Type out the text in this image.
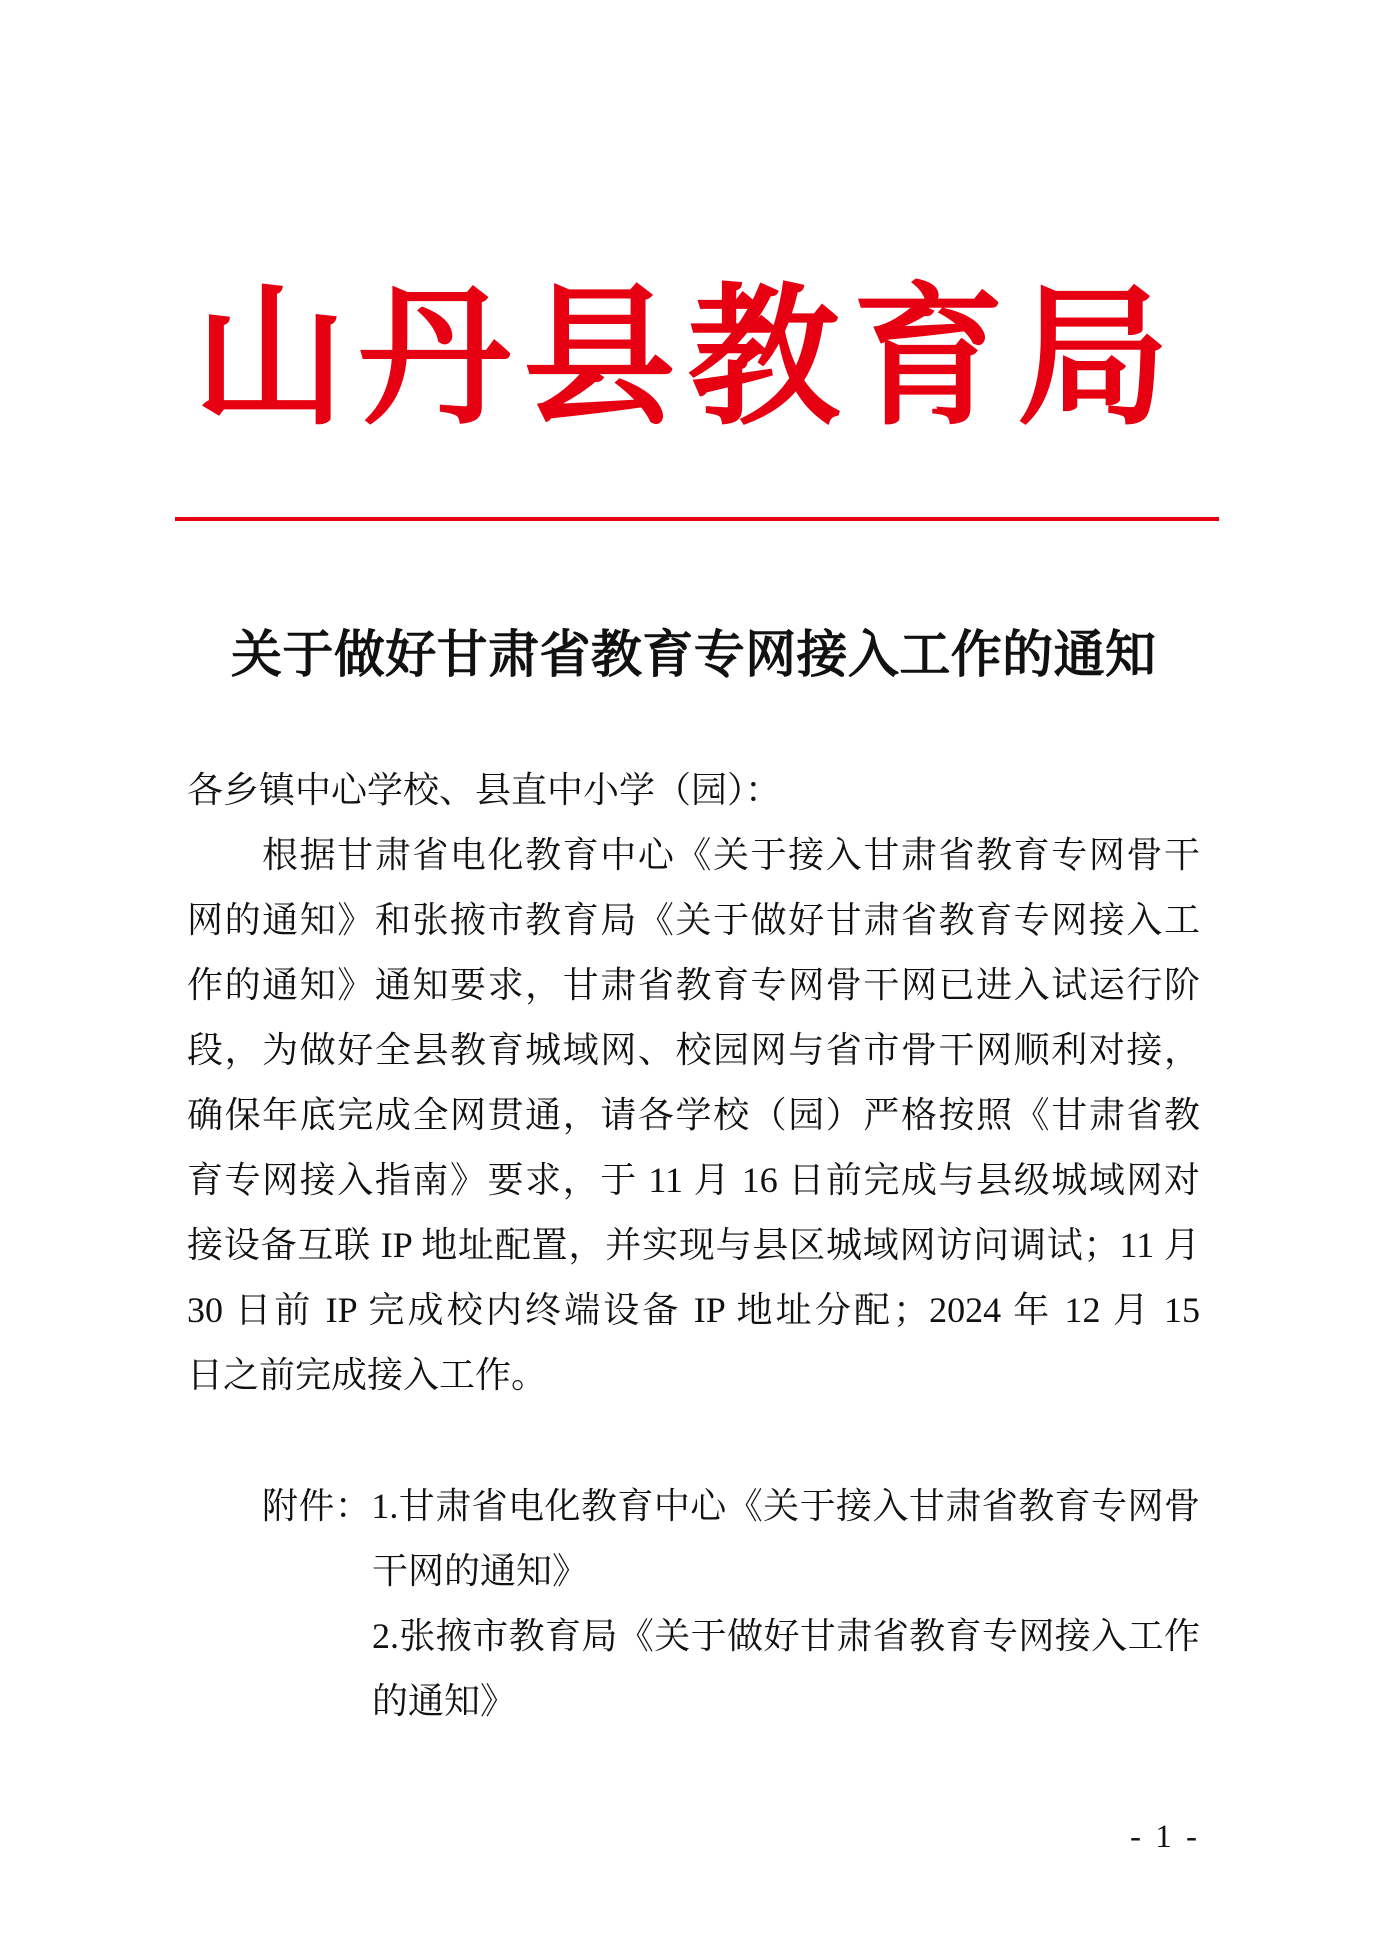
山丹县教育局
关于做好甘肃省教育专网接入工作的通知
各乡镇中心学校、县直中小学（园）：
根据甘肃省电化教育中心《关于接入甘肃省教育专网骨干
网的通知》和张掖市教育局《关于做好甘肃省教育专网接入工
作的通知》通知要求，甘肃省教育专网骨干网已进入试运行阶
段，为做好全县教育城域网、校园网与省市骨干网顺利对接，
确保年底完成全网贯通，请各学校（园）严格按照《甘肃省教
育专网接入指南》要求，于 11 月 16 日前完成与县级城域网对
接设备互联 IP 地址配置，并实现与县区城域网访问调试；11 月
30 日前 IP 完成校内终端设备 IP 地址分配；2024 年 12 月 15
日之前完成接入工作。
附件：1.甘肃省电化教育中心《关于接入甘肃省教育专网骨
干网的通知》
2.张掖市教育局《关于做好甘肃省教育专网接入工作
的通知》
- 1 -
